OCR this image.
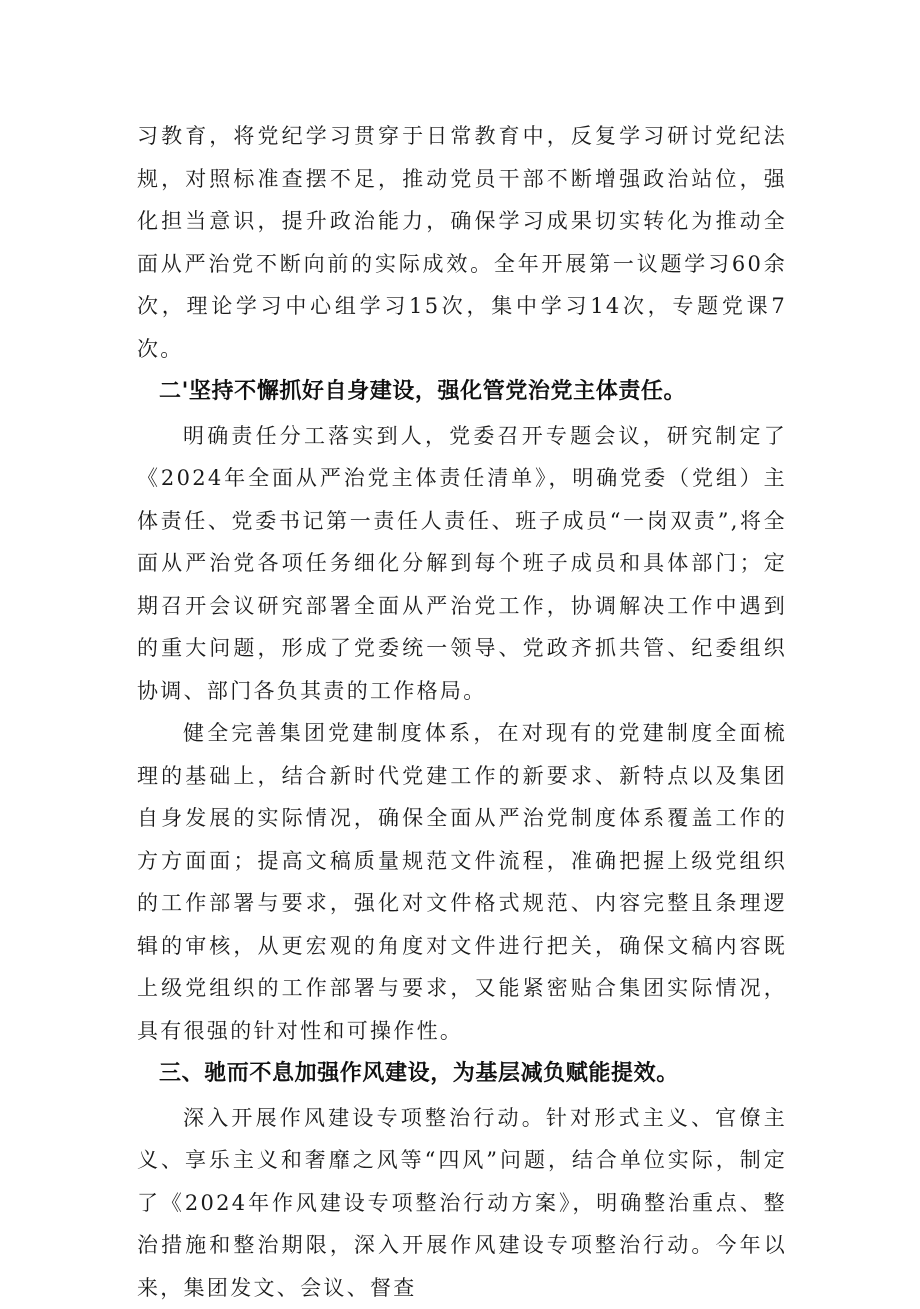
习教育，将党纪学习贯穿于日常教育中，反复学习研讨党纪法规，对照标准查摆不足，推动党员干部不断增强政治站位，强化担当意识，提升政治能力，确保学习成果切实转化为推动全面从严治党不断向前的实际成效。全年开展第一议题学习60余次，理论学习中心组学习15次，集中学习14次，专题党课7次。

二'坚持不懈抓好自身建设，强化管党治党主体责任。

明确责任分工落实到人，党委召开专题会议，研究制定了《2024年全面从严治党主体责任清单》，明确党委（党组）主体责任、党委书记第一责任人责任、班子成员“一岗双责”,将全面从严治党各项任务细化分解到每个班子成员和具体部门；定期召开会议研究部署全面从严治党工作，协调解决工作中遇到的重大问题，形成了党委统一领导、党政齐抓共管、纪委组织协调、部门各负其责的工作格局。

健全完善集团党建制度体系，在对现有的党建制度全面梳理的基础上，结合新时代党建工作的新要求、新特点以及集团自身发展的实际情况，确保全面从严治党制度体系覆盖工作的方方面面；提高文稿质量规范文件流程，准确把握上级党组织的工作部署与要求，强化对文件格式规范、内容完整且条理逻辑的审核，从更宏观的角度对文件进行把关，确保文稿内容既上级党组织的工作部署与要求，又能紧密贴合集团实际情况，具有很强的针对性和可操作性。

三、驰而不息加强作风建设，为基层减负赋能提效。

深入开展作风建设专项整治行动。针对形式主义、官僚主义、享乐主义和奢靡之风等“四风”问题，结合单位实际，制定了《2024年作风建设专项整治行动方案》，明确整治重点、整治措施和整治期限，深入开展作风建设专项整治行动。今年以来，集团发文、会议、督查
